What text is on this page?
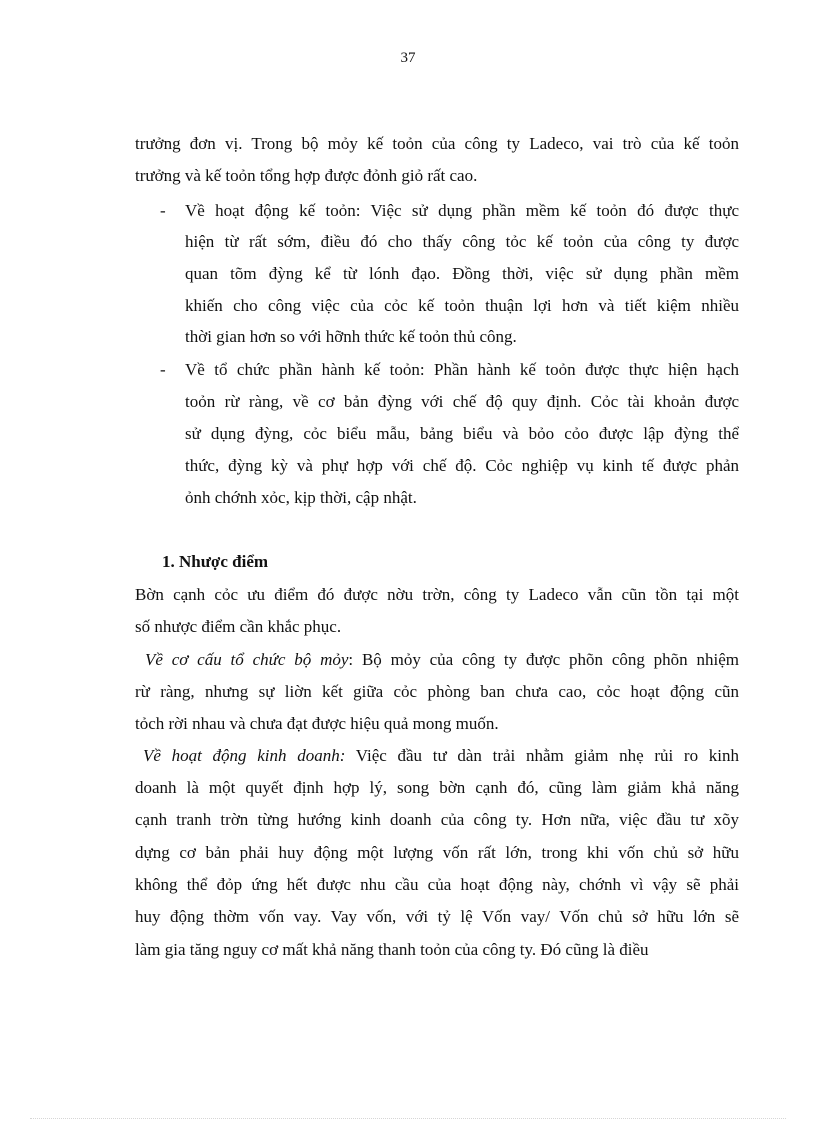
37
trưởng đơn vị. Trong bộ mỏy kế toỏn của công ty Ladeco, vai trò của kế toỏn
trưởng và kế toỏn tổng hợp được đỏnh giỏ rất cao.
- Về hoạt động kế toỏn: Việc sử dụng phần mềm kế toỏn đó được thực
hiện từ rất sớm, điều đó cho thấy công tỏc kế toỏn của công ty được
quan tõm đỳng kể từ lónh đạo. Đồng thời, việc sử dụng phần mềm
khiến cho công việc của cỏc kế toỏn thuận lợi hơn và tiết kiệm nhiều
thời gian hơn so với hỡnh thức kế toỏn thủ công.
- Về tổ chức phần hành kế toỏn: Phần hành kế toỏn được thực hiện hạch
toỏn rừ ràng, về cơ bản đỳng với chế độ quy định. Cỏc tài khoản được
sử dụng đỳng, cỏc biểu mẫu, bảng biểu và bỏo cỏo được lập đỳng thể
thức, đỳng kỳ và phự hợp với chế độ. Cỏc nghiệp vụ kinh tế được phản
ỏnh chớnh xỏc, kịp thời, cập nhật.
1. Nhược điểm
Bờn cạnh cỏc ưu điểm đó được nờu trờn, công ty Ladeco vẫn cũn tồn tại một
số nhược điểm cần khắc phục.
Về cơ cấu tổ chức bộ mỏy: Bộ mỏy của công ty được phõn công phõn nhiệm
rừ ràng, nhưng sự liờn kết giữa cỏc phòng ban chưa cao, cỏc hoạt động cũn
tỏch rời nhau và chưa đạt được hiệu quả mong muốn.
Về hoạt động kinh doanh: Việc đầu tư dàn trải nhằm giảm nhẹ rủi ro kinh
doanh là một quyết định hợp lý, song bờn cạnh đó, cũng làm giảm khả năng
cạnh tranh trờn từng hướng kinh doanh của công ty. Hơn nữa, việc đầu tư xõy
dựng cơ bản phải huy động một lượng vốn rất lớn, trong khi vốn chủ sở hữu
không thể đỏp ứng hết được nhu cầu của hoạt động này, chớnh vì vậy sẽ phải
huy động thờm vốn vay. Vay vốn, với tỷ lệ Vốn vay/ Vốn chủ sở hữu lớn sẽ
làm gia tăng nguy cơ mất khả năng thanh toỏn của công ty. Đó cũng là điều
